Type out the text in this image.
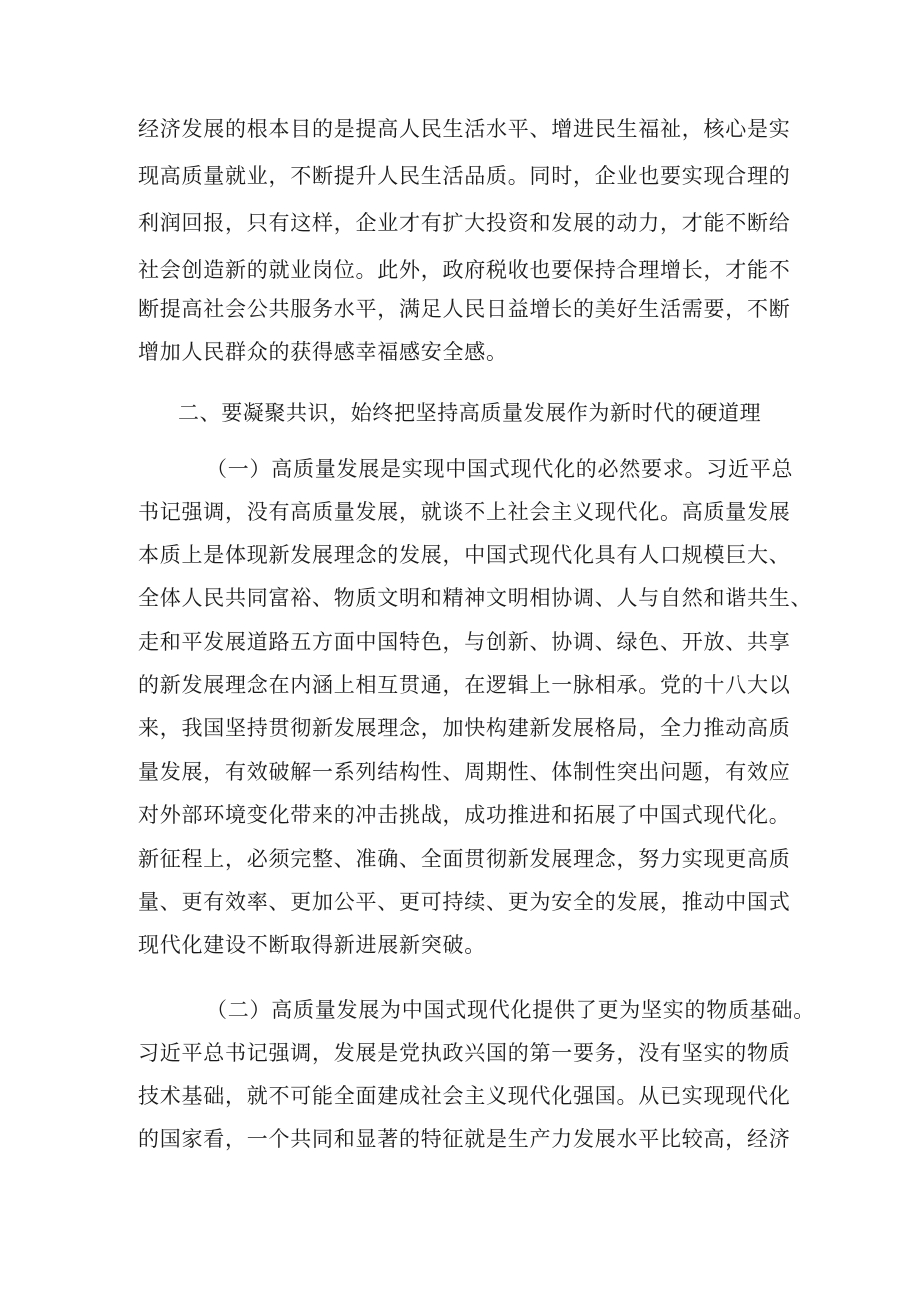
经济发展的根本目的是提高人民生活水平、增进民生福祉，核心是实
现高质量就业，不断提升人民生活品质。同时，企业也要实现合理的
利润回报，只有这样，企业才有扩大投资和发展的动力，才能不断给
社会创造新的就业岗位。此外，政府税收也要保持合理增长，才能不
断提高社会公共服务水平，满足人民日益增长的美好生活需要，不断
增加人民群众的获得感幸福感安全感。
二、要凝聚共识，始终把坚持高质量发展作为新时代的硬道理
（一）高质量发展是实现中国式现代化的必然要求。习近平总
书记强调，没有高质量发展，就谈不上社会主义现代化。高质量发展
本质上是体现新发展理念的发展，中国式现代化具有人口规模巨大、
全体人民共同富裕、物质文明和精神文明相协调、人与自然和谐共生、
走和平发展道路五方面中国特色，与创新、协调、绿色、开放、共享
的新发展理念在内涵上相互贯通，在逻辑上一脉相承。党的十八大以
来，我国坚持贯彻新发展理念，加快构建新发展格局，全力推动高质
量发展，有效破解一系列结构性、周期性、体制性突出问题，有效应
对外部环境变化带来的冲击挑战，成功推进和拓展了中国式现代化。
新征程上，必须完整、准确、全面贯彻新发展理念，努力实现更高质
量、更有效率、更加公平、更可持续、更为安全的发展，推动中国式
现代化建设不断取得新进展新突破。
（二）高质量发展为中国式现代化提供了更为坚实的物质基础。
习近平总书记强调，发展是党执政兴国的第一要务，没有坚实的物质
技术基础，就不可能全面建成社会主义现代化强国。从已实现现代化
的国家看，一个共同和显著的特征就是生产力发展水平比较高，经济
